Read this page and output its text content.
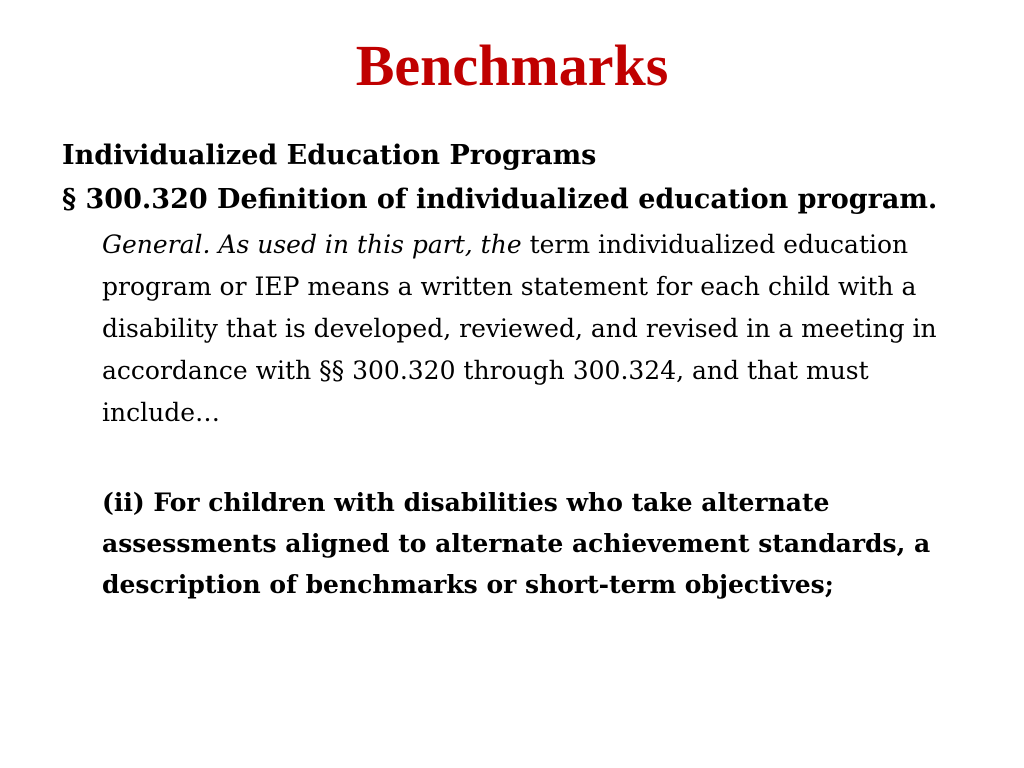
Benchmarks

Individualized Education Programs

§ 300.320 Definition of individualized education program.

General. As used in this part, the term individualized education program or IEP means a written statement for each child with a disability that is developed, reviewed, and revised in a meeting in accordance with §§ 300.320 through 300.324, and that must include…

(ii) For children with disabilities who take alternate assessments aligned to alternate achievement standards, a description of benchmarks or short-term objectives;
